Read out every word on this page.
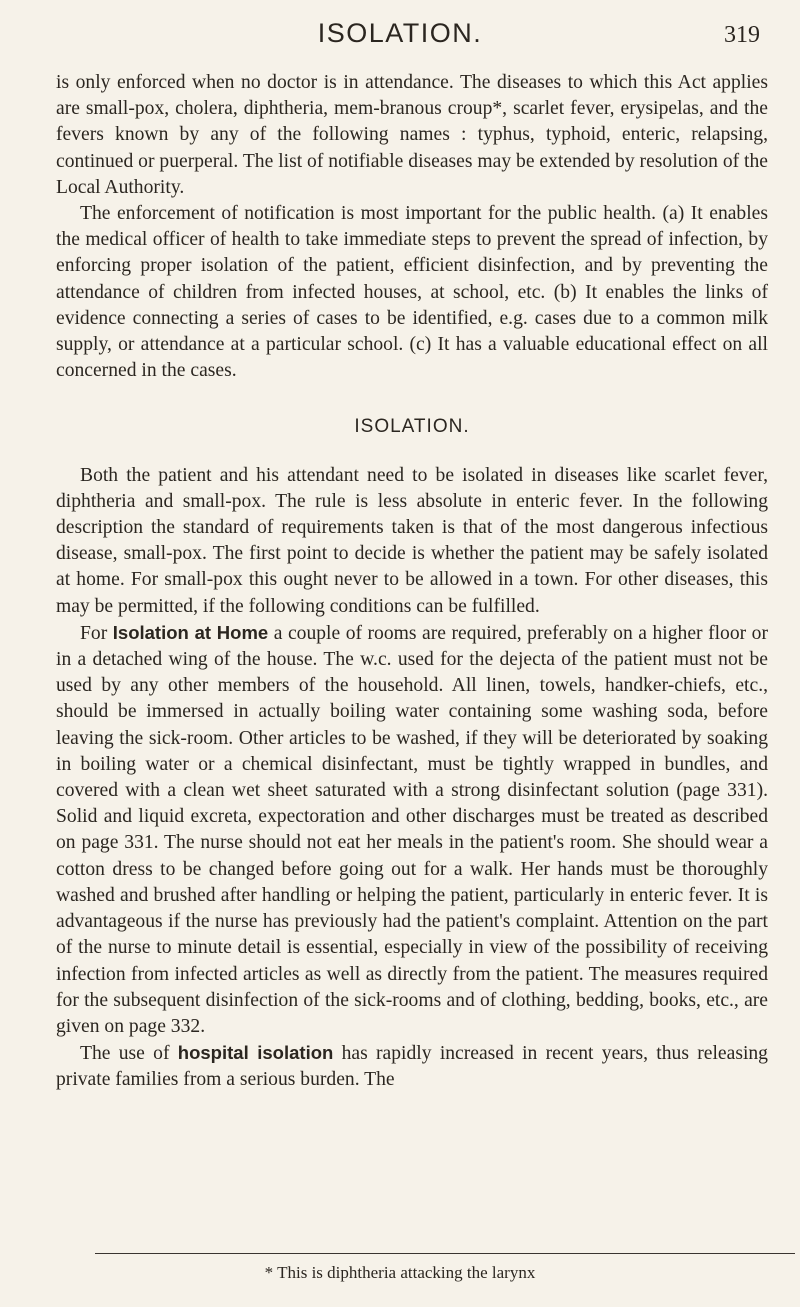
ISOLATION.	319

is only enforced when no doctor is in attendance. The diseases to which this Act applies are small-pox, cholera, diphtheria, mem-branous croup*, scarlet fever, erysipelas, and the fevers known by any of the following names : typhus, typhoid, enteric, relapsing, continued or puerperal. The list of notifiable diseases may be extended by resolution of the Local Authority.

The enforcement of notification is most important for the public health. (a) It enables the medical officer of health to take immediate steps to prevent the spread of infection, by enforcing proper isolation of the patient, efficient disinfection, and by preventing the attendance of children from infected houses, at school, etc. (b) It enables the links of evidence connecting a series of cases to be identified, e.g. cases due to a common milk supply, or attendance at a particular school. (c) It has a valuable educational effect on all concerned in the cases.

ISOLATION.

Both the patient and his attendant need to be isolated in diseases like scarlet fever, diphtheria and small-pox. The rule is less absolute in enteric fever. In the following description the standard of requirements taken is that of the most dangerous infectious disease, small-pox. The first point to decide is whether the patient may be safely isolated at home. For small-pox this ought never to be allowed in a town. For other diseases, this may be permitted, if the following conditions can be fulfilled.

For Isolation at Home a couple of rooms are required, preferably on a higher floor or in a detached wing of the house. The w.c. used for the dejecta of the patient must not be used by any other members of the household. All linen, towels, handker-chiefs, etc., should be immersed in actually boiling water containing some washing soda, before leaving the sick-room. Other articles to be washed, if they will be deteriorated by soaking in boiling water or a chemical disinfectant, must be tightly wrapped in bundles, and covered with a clean wet sheet saturated with a strong disinfectant solution (page 331). Solid and liquid excreta, expectoration and other discharges must be treated as described on page 331. The nurse should not eat her meals in the patient's room. She should wear a cotton dress to be changed before going out for a walk. Her hands must be thoroughly washed and brushed after handling or helping the patient, particularly in enteric fever. It is advantageous if the nurse has previously had the patient's complaint. Attention on the part of the nurse to minute detail is essential, especially in view of the possibility of receiving infection from infected articles as well as directly from the patient. The measures required for the subsequent disinfection of the sick-rooms and of clothing, bedding, books, etc., are given on page 332.

The use of hospital isolation has rapidly increased in recent years, thus releasing private families from a serious burden. The

* This is diphtheria attacking the larynx
